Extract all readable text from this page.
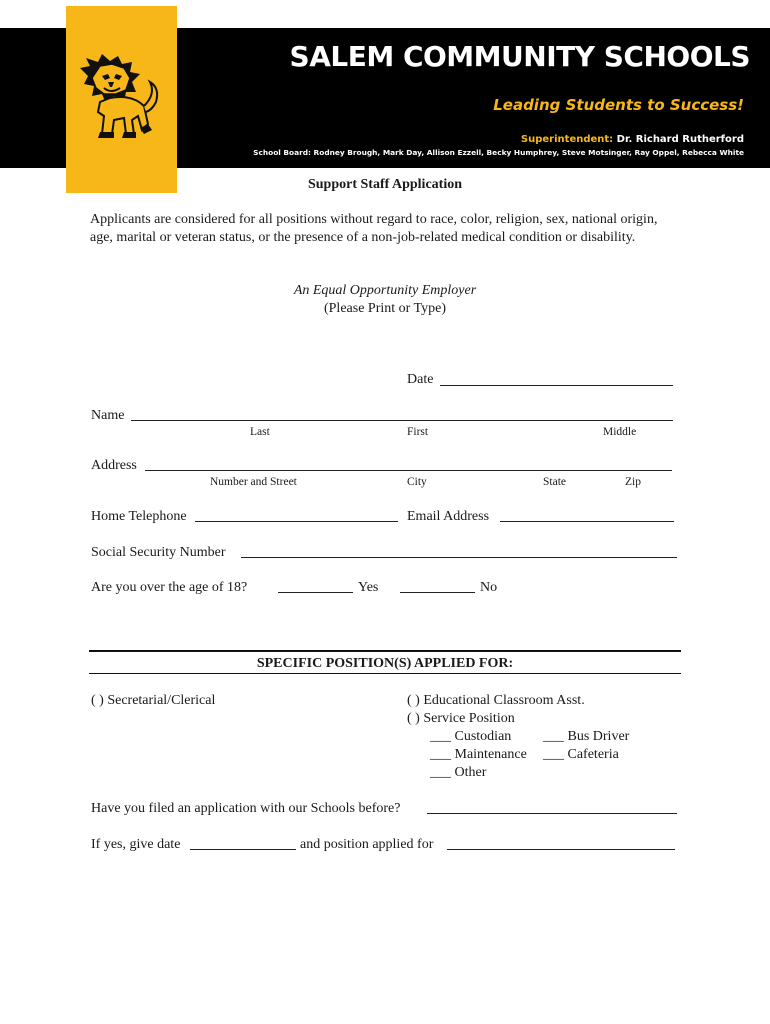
SALEM COMMUNITY SCHOOLS
Leading Students to Success!
Superintendent: Dr. Richard Rutherford
School Board: Rodney Brough, Mark Day, Allison Ezzell, Becky Humphrey, Steve Motsinger, Ray Oppel, Rebecca White
Support Staff Application
Applicants are considered for all positions without regard to race, color, religion, sex, national origin, age, marital or veteran status, or the presence of a non-job-related medical condition or disability.
An Equal Opportunity Employer
(Please Print or Type)
Date
Name
Last	First	Middle
Address
Number and Street	City	State	Zip
Home Telephone	Email Address
Social Security Number
Are you over the age of 18?	Yes	No
SPECIFIC POSITION(S) APPLIED FOR:
( ) Secretarial/Clerical	( ) Educational Classroom Asst.
( ) Service Position
___ Custodian ___ Bus Driver
___ Maintenance ___ Cafeteria
___ Other
Have you filed an application with our Schools before?
If yes, give date	and position applied for
